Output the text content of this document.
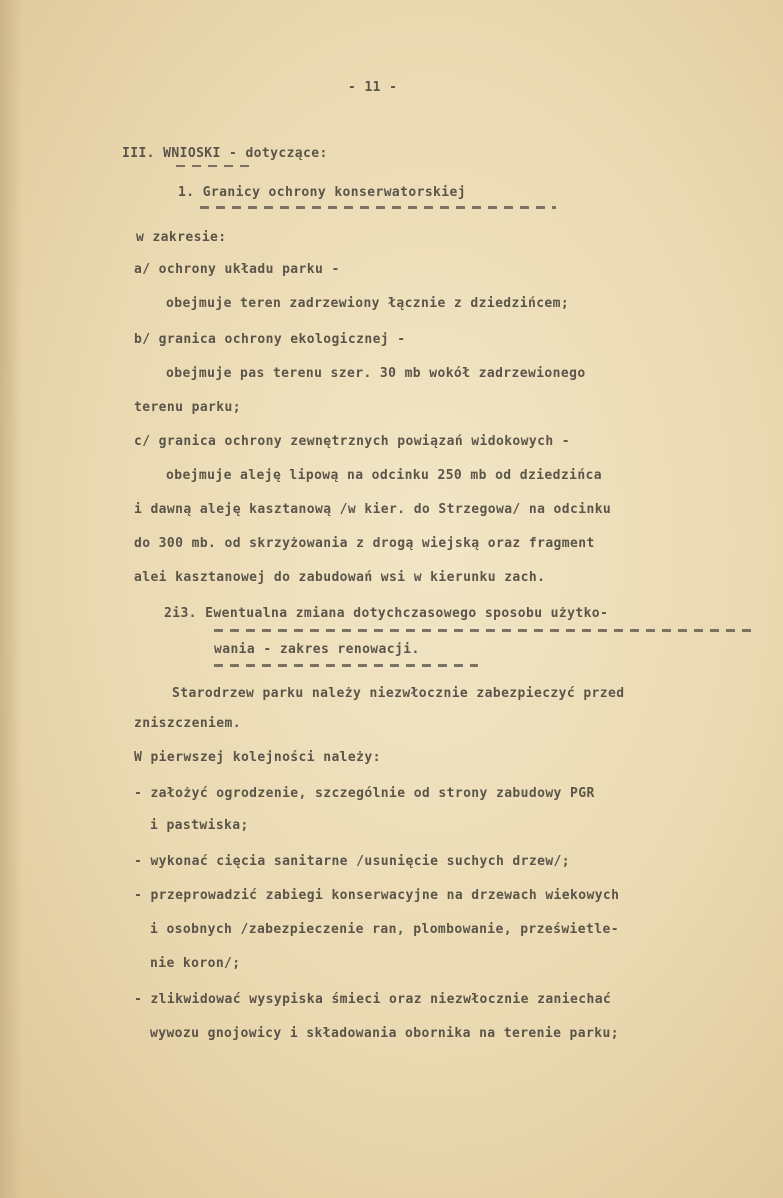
- 11 -
III. WNIOSKI - dotyczące:
1. Granicy ochrony konserwatorskiej
w zakresie:
a/ ochrony układu parku -
obejmuje teren zadrzewiony łącznie z dziedzińcem;
b/ granica ochrony ekologicznej -
obejmuje pas terenu szer. 30 mb wokół zadrzewionego
terenu parku;
c/ granica ochrony zewnętrznych powiązań widokowych -
obejmuje aleję lipową na odcinku 250 mb od dziedzińca
i dawną aleję kasztanową /w kier. do Strzegowa/ na odcinku
do 300 mb. od skrzyżowania z drogą wiejską oraz fragment
alei kasztanowej do zabudowań wsi w kierunku zach.
2i3. Ewentualna zmiana dotychczasowego sposobu użytko-
wania - zakres renowacji.
Starodrzew parku należy niezwłocznie zabezpieczyć przed
zniszczeniem.
W pierwszej kolejności należy:
- założyć ogrodzenie, szczególnie od strony zabudowy PGR
i pastwiska;
- wykonać cięcia sanitarne /usunięcie suchych drzew/;
- przeprowadzić zabiegi konserwacyjne na drzewach wiekowych
i osobnych /zabezpieczenie ran, plombowanie, prześwietle-
nie koron/;
- zlikwidować wysypiska śmieci oraz niezwłocznie zaniechać
wywozu gnojowicy i składowania obornika na terenie parku;
